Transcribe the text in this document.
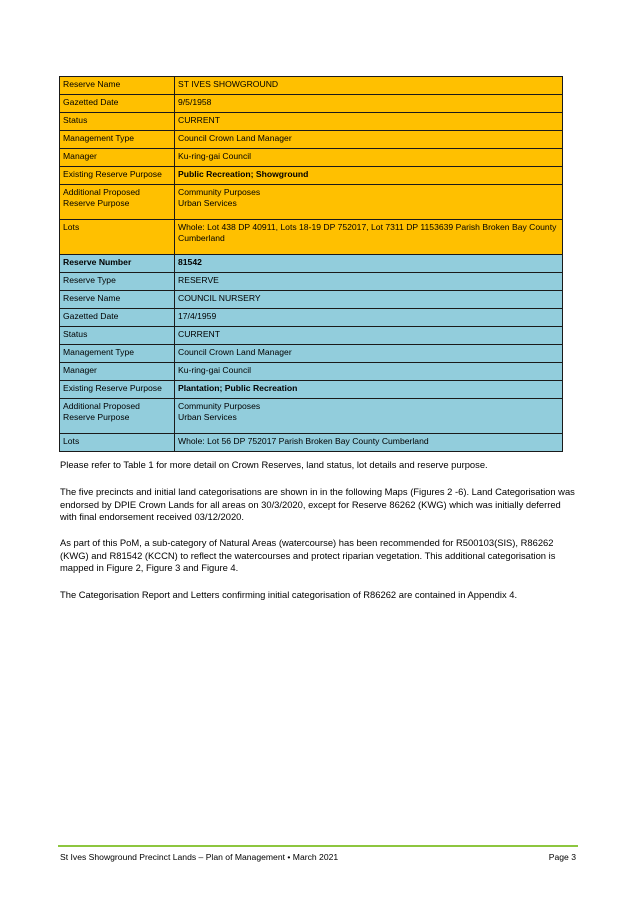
Reserve Name	ST IVES SHOWGROUND
Gazetted Date	9/5/1958
Status	CURRENT
Management Type	Council Crown Land Manager
Manager	Ku-ring-gai Council
Existing Reserve Purpose	Public Recreation; Showground
Additional Proposed Reserve Purpose	Community Purposes
Urban Services

Lots	Whole: Lot 438 DP 40911, Lots 18-19 DP 752017, Lot 7311 DP 1153639 Parish Broken Bay County Cumberland
Reserve Number	81542
Reserve Type	RESERVE
Reserve Name	COUNCIL NURSERY
Gazetted Date	17/4/1959
Status	CURRENT
Management Type	Council Crown Land Manager
Manager	Ku-ring-gai Council
Existing Reserve Purpose	Plantation; Public Recreation
Additional Proposed Reserve Purpose	Community Purposes
Urban Services

Lots	Whole: Lot 56 DP 752017 Parish Broken Bay County Cumberland

Please refer to Table 1 for more detail on Crown Reserves, land status, lot details and reserve purpose.

The five precincts and initial land categorisations are shown in in the following Maps (Figures 2 -6). Land Categorisation was endorsed by DPIE Crown Lands for all areas on 30/3/2020, except for Reserve 86262 (KWG) which was initially deferred with final endorsement received 03/12/2020.

As part of this PoM, a sub-category of Natural Areas (watercourse) has been recommended for R500103(SIS), R86262 (KWG) and R81542 (KCCN) to reflect the watercourses and protect riparian vegetation. This additional categorisation is mapped in Figure 2, Figure 3 and Figure 4.

The Categorisation Report and Letters confirming initial categorisation of R86262 are contained in Appendix 4.

St Ives Showground Precinct Lands – Plan of Management • March 2021	Page 3
